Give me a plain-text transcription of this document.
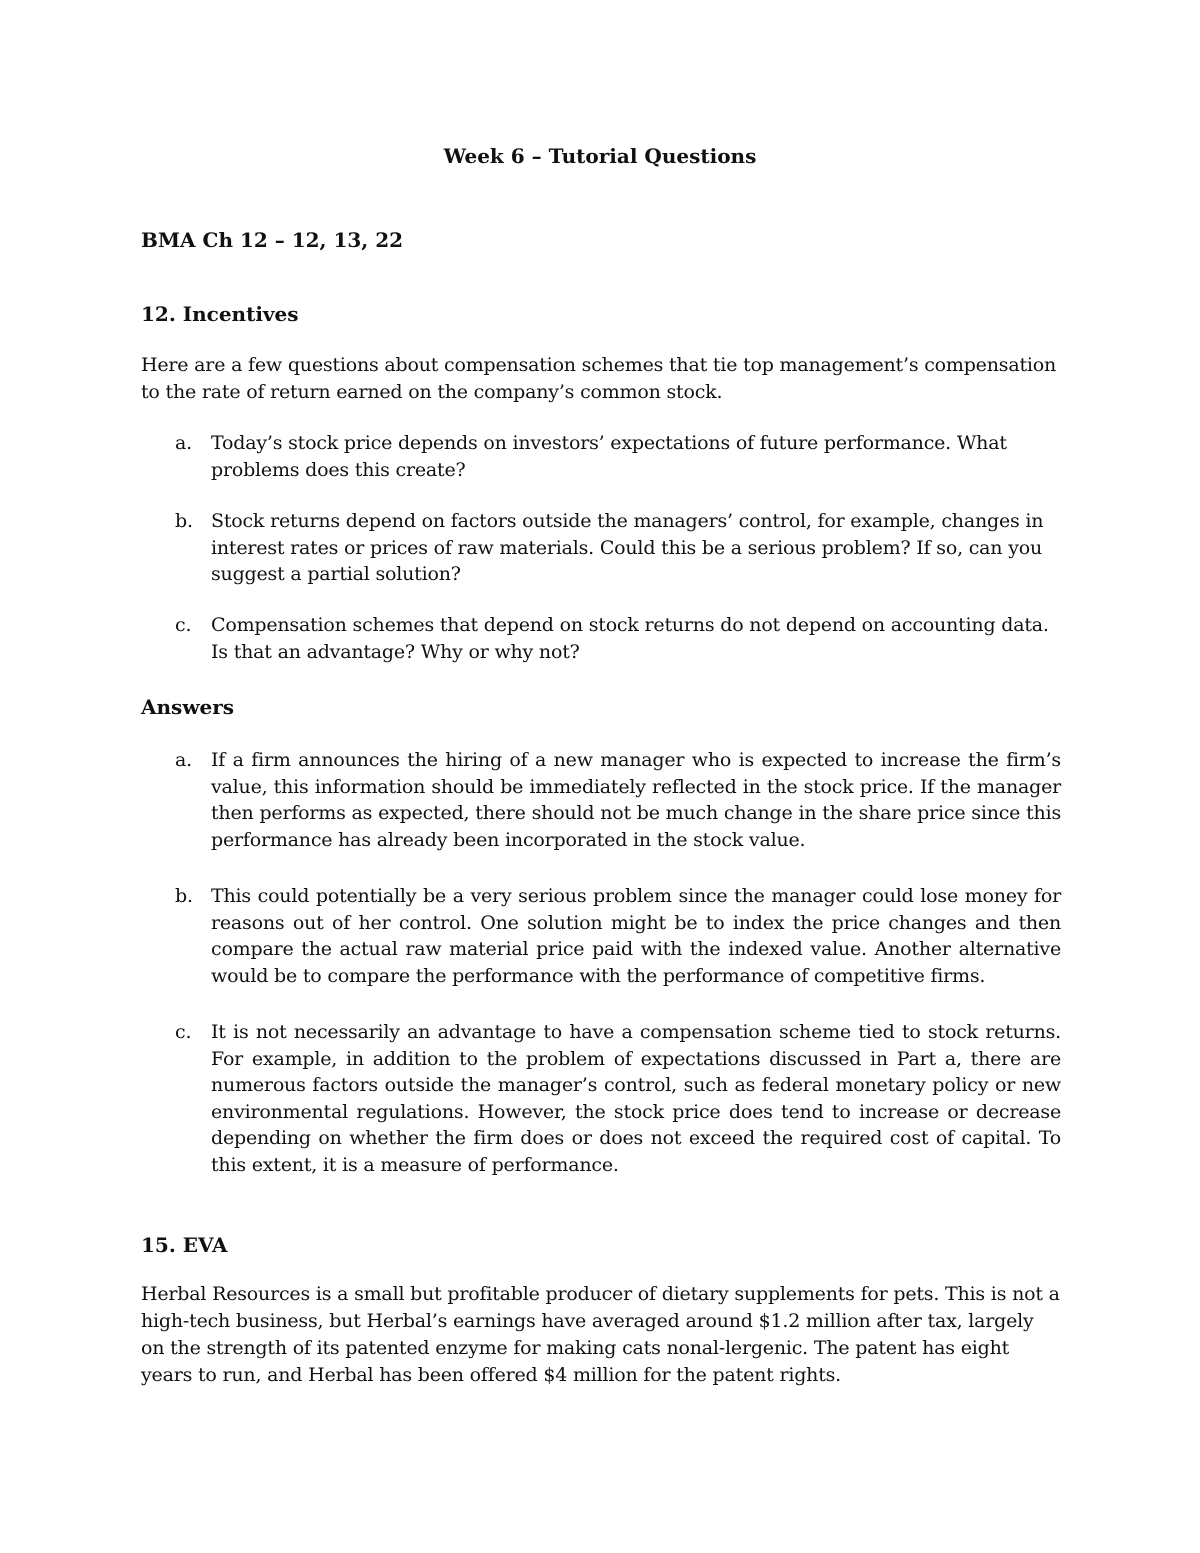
Week 6 – Tutorial Questions

BMA Ch 12 – 12, 13, 22

12. Incentives

Here are a few questions about compensation schemes that tie top management’s compensation to the rate of return earned on the company’s common stock.

a.	Today’s stock price depends on investors’ expectations of future performance. What problems does this create?
b. Stock returns depend on factors outside the managers’ control, for example, changes in interest rates or prices of raw materials. Could this be a serious problem? If so, can you suggest a partial solution?
c.	Compensation schemes that depend on stock returns do not depend on accounting data. Is that an advantage? Why or why not?
Answers
a.	If a firm announces the hiring of a new manager who is expected to increase the firm’s value, this information should be immediately reflected in the stock price. If the manager then performs as expected, there should not be much change in the share price since this performance has already been incorporated in the stock value.
b. This could potentially be a very serious problem since the manager could lose money for reasons out of her control. One solution might be to index the price changes and then compare the actual raw material price paid with the indexed value. Another alternative would be to compare the performance with the performance of competitive firms.
c.	It is not necessarily an advantage to have a compensation scheme tied to stock returns. For example, in addition to the problem of expectations discussed in Part a, there are numerous factors outside the manager’s control, such as federal monetary policy or new environmental regulations. However, the stock price does tend to increase or decrease depending on whether the firm does or does not exceed the required cost of capital. To this extent, it is a measure of performance.
15. EVA

Herbal Resources is a small but profitable producer of dietary supplements for pets. This is not a high-tech business, but Herbal’s earnings have averaged around $1.2 million after tax, largely on the strength of its patented enzyme for making cats nonal-lergenic. The patent has eight years to run, and Herbal has been offered $4 million for the patent rights.
